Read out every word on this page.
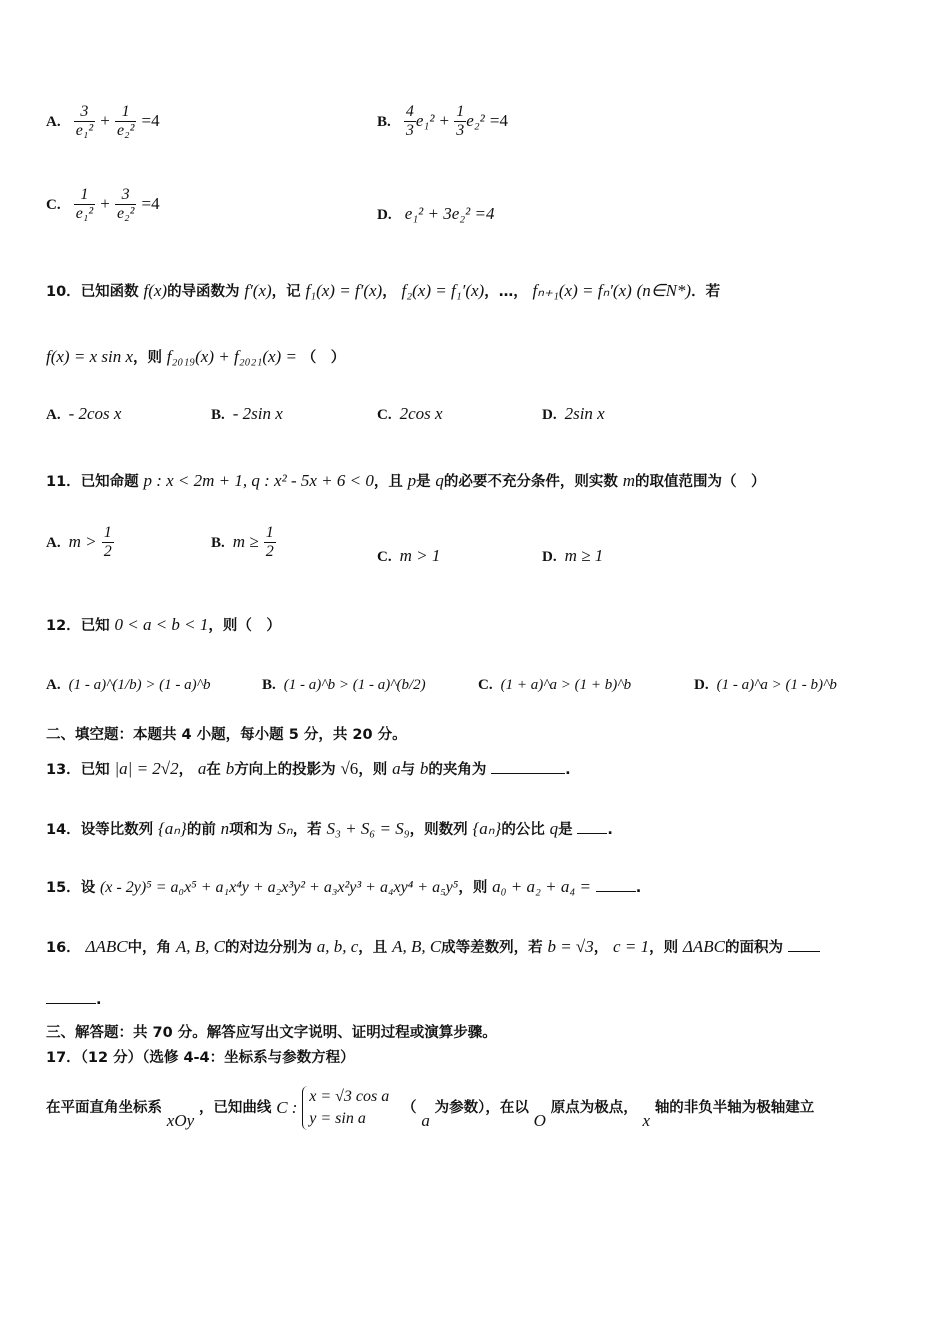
A. $\frac{3}{\text{e₁²}} + \frac{1}{\text{e₂²}} =4$	B. $\frac{4}{3} e_1^2 + \frac{1}{3} e_2^2 =4$
C. $\frac{1}{\text{e₁²}} + \frac{3}{\text{e₂²}} =4$
D. e₁² + 3e₂² =4
10．已知函数 f(x)的导函数为 f′(x)，记 f₁(x) = f′(x)， f₂(x) = f₁′(x)，…， fₙ₊₁(x) = fₙ′(x) (n∈N*)．若
f(x) = x sin x，则 f₂₀₁₉(x) + f₂₀₂₁(x) = （　）
A. - 2cos x	B. - 2sin x	C. 2cos x	D. 2sin x
11．已知命题 p : x < 2m + 1, q : x² - 5x + 6 < 0，且 p是 q的必要不充分条件，则实数 m的取值范围为（　）
A. $m > \frac{1}{2}$	B. $m \ge \frac{1}{2}$	C. m > 1	D. m ≥ 1
12．已知 0 < a < b < 1，则（　）
A. (1 - a)^(1/b) > (1 - a)^b	B. (1 - a)^b > (1 - a)^(b/2)	C. (1 + a)^a > (1 + b)^b	D. (1 - a)^a > (1 - b)^b
二、填空题：本题共 4 小题，每小题 5 分，共 20 分。
13．已知 |a| = 2√2， a在 b方向上的投影为 √6，则 a与 b的夹角为	.
14．设等比数列 {aₙ}的前 n项和为 Sₙ，若 S₃ + S₆ = S₉，则数列 {aₙ}的公比 q是 .
15．设 (x - 2y)⁵ = a₀x⁵ + a₁x⁴y + a₂x³y² + a₃x²y³ + a₄xy⁴ + a₅y⁵，则 a₀ + a₂ + a₄ =	.
16． ΔABC中，角 A, B, C的对边分别为 a, b, c，且 A, B, C成等差数列，若 b = √3， c = 1，则 ΔABC的面积为
.
三、解答题：共 70 分。解答应写出文字说明、证明过程或演算步骤。
17．（12 分）（选修 4-4：坐标系与参数方程）
在平面直角坐标系 xOy ，已知曲线 C :
x = √3 cos a
y = sin a
（ a 为参数），在以 O 原点为极点， x 轴的非负半轴为极轴建立
